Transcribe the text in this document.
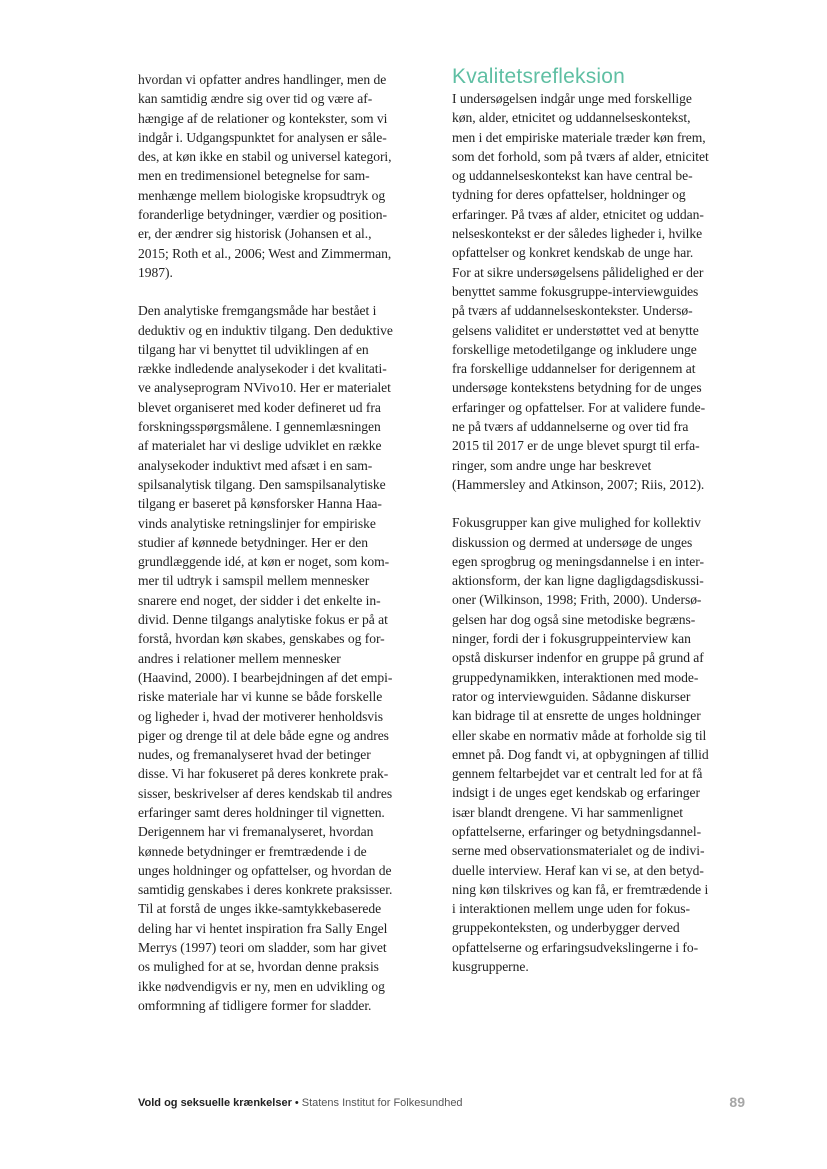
hvordan vi opfatter andres handlinger, men de
kan samtidig ændre sig over tid og være af-
hængige af de relationer og kontekster, som vi
indgår i. Udgangspunktet for analysen er såle-
des, at køn ikke en stabil og universel kategori,
men en tredimensionel betegnelse for sam-
menhænge mellem biologiske kropsudtryk og
foranderlige betydninger, værdier og position-
er, der ændrer sig historisk (Johansen et al.,
2015; Roth et al., 2006; West and Zimmerman,
1987).

Den analytiske fremgangsmåde har bestået i
deduktiv og en induktiv tilgang. Den deduktive
tilgang har vi benyttet til udviklingen af en
række indledende analysekoder i det kvalitati-
ve analyseprogram NVivo10. Her er materialet
blevet organiseret med koder defineret ud fra
forskningsspørgsmålene. I gennemlæsningen
af materialet har vi deslige udviklet en række
analysekoder induktivt med afsæt i en sam-
spilsanalytisk tilgang. Den samspilsanalytiske
tilgang er baseret på kønsforsker Hanna Haa-
vinds analytiske retningslinjer for empiriske
studier af kønnede betydninger. Her er den
grundlæggende idé, at køn er noget, som kom-
mer til udtryk i samspil mellem mennesker
snarere end noget, der sidder i det enkelte in-
divid. Denne tilgangs analytiske fokus er på at
forstå, hvordan køn skabes, genskabes og for-
andres i relationer mellem mennesker
(Haavind, 2000). I bearbejdningen af det empi-
riske materiale har vi kunne se både forskelle
og ligheder i, hvad der motiverer henholdsvis
piger og drenge til at dele både egne og andres
nudes, og fremanalyseret hvad der betinger
disse. Vi har fokuseret på deres konkrete prak-
sisser, beskrivelser af deres kendskab til andres
erfaringer samt deres holdninger til vignetten.
Derigennem har vi fremanalyseret, hvordan
kønnede betydninger er fremtrædende i de
unges holdninger og opfattelser, og hvordan de
samtidig genskabes i deres konkrete praksisser.
Til at forstå de unges ikke-samtykkebaserede
deling har vi hentet inspiration fra Sally Engel
Merrys (1997) teori om sladder, som har givet
os mulighed for at se, hvordan denne praksis
ikke nødvendigvis er ny, men en udvikling og
omformning af tidligere former for sladder.

Kvalitetsrefleksion

I undersøgelsen indgår unge med forskellige
køn, alder, etnicitet og uddannelseskontekst,
men i det empiriske materiale træder køn frem,
som det forhold, som på tværs af alder, etnicitet
og uddannelseskontekst kan have central be-
tydning for deres opfattelser, holdninger og
erfaringer. På tvæs af alder, etnicitet og uddan-
nelseskontekst er der således ligheder i, hvilke
opfattelser og konkret kendskab de unge har.
For at sikre undersøgelsens pålidelighed er der
benyttet samme fokusgruppe-interviewguides
på tværs af uddannelseskontekster. Undersø-
gelsens validitet er understøttet ved at benytte
forskellige metodetilgange og inkludere unge
fra forskellige uddannelser for derigennem at
undersøge kontekstens betydning for de unges
erfaringer og opfattelser. For at validere funde-
ne på tværs af uddannelserne og over tid fra
2015 til 2017 er de unge blevet spurgt til erfa-
ringer, som andre unge har beskrevet
(Hammersley and Atkinson, 2007; Riis, 2012).

Fokusgrupper kan give mulighed for kollektiv
diskussion og dermed at undersøge de unges
egen sprogbrug og meningsdannelse i en inter-
aktionsform, der kan ligne dagligdagsdiskussi-
oner (Wilkinson, 1998; Frith, 2000). Undersø-
gelsen har dog også sine metodiske begræns-
ninger, fordi der i fokusgruppeinterview kan
opstå diskurser indenfor en gruppe på grund af
gruppedynamikken, interaktionen med mode-
rator og interviewguiden. Sådanne diskurser
kan bidrage til at ensrette de unges holdninger
eller skabe en normativ måde at forholde sig til
emnet på. Dog fandt vi, at opbygningen af tillid
gennem feltarbejdet var et centralt led for at få
indsigt i de unges eget kendskab og erfaringer
især blandt drengene. Vi har sammenlignet
opfattelserne, erfaringer og betydningsdannel-
serne med observationsmaterialet og de indivi-
duelle interview. Heraf kan vi se, at den betyd-
ning køn tilskrives og kan få, er fremtrædende i
i interaktionen mellem unge uden for fokus-
gruppekonteksten, og underbygger derved
opfattelserne og erfaringsudvekslingerne i fo-
kusgrupperne.

Vold og seksuelle krænkelser • Statens Institut for Folkesundhed	89
